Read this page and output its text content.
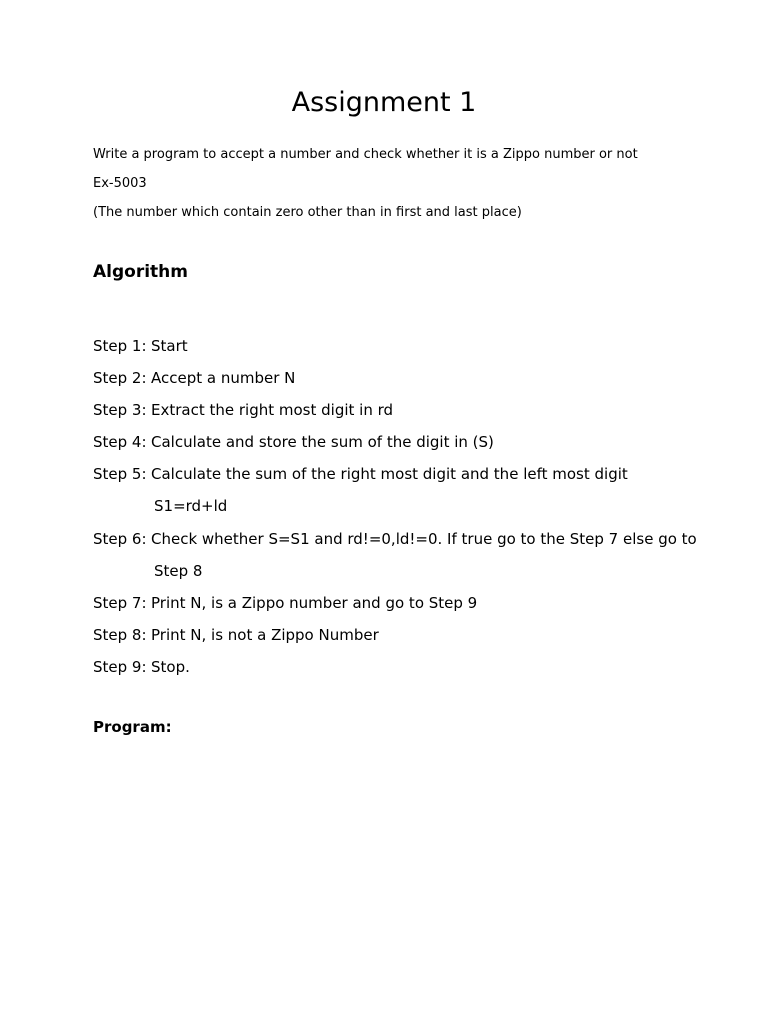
Assignment 1
Write a program to accept a number and check whether it is a Zippo number or not
Ex-5003
(The number which contain zero other than in first and last place)
Algorithm
Step 1: Start
Step 2: Accept a number N
Step 3: Extract the right most digit in rd
Step 4: Calculate and store the sum of the digit in (S)
Step 5: Calculate the sum of the right most digit and the left most digit
S1=rd+ld
Step 6: Check whether S=S1 and rd!=0,ld!=0. If true go to the Step 7 else go to
Step 8
Step 7: Print N, is a Zippo number and go to Step 9
Step 8: Print N, is not a Zippo Number
Step 9: Stop.
Program:
